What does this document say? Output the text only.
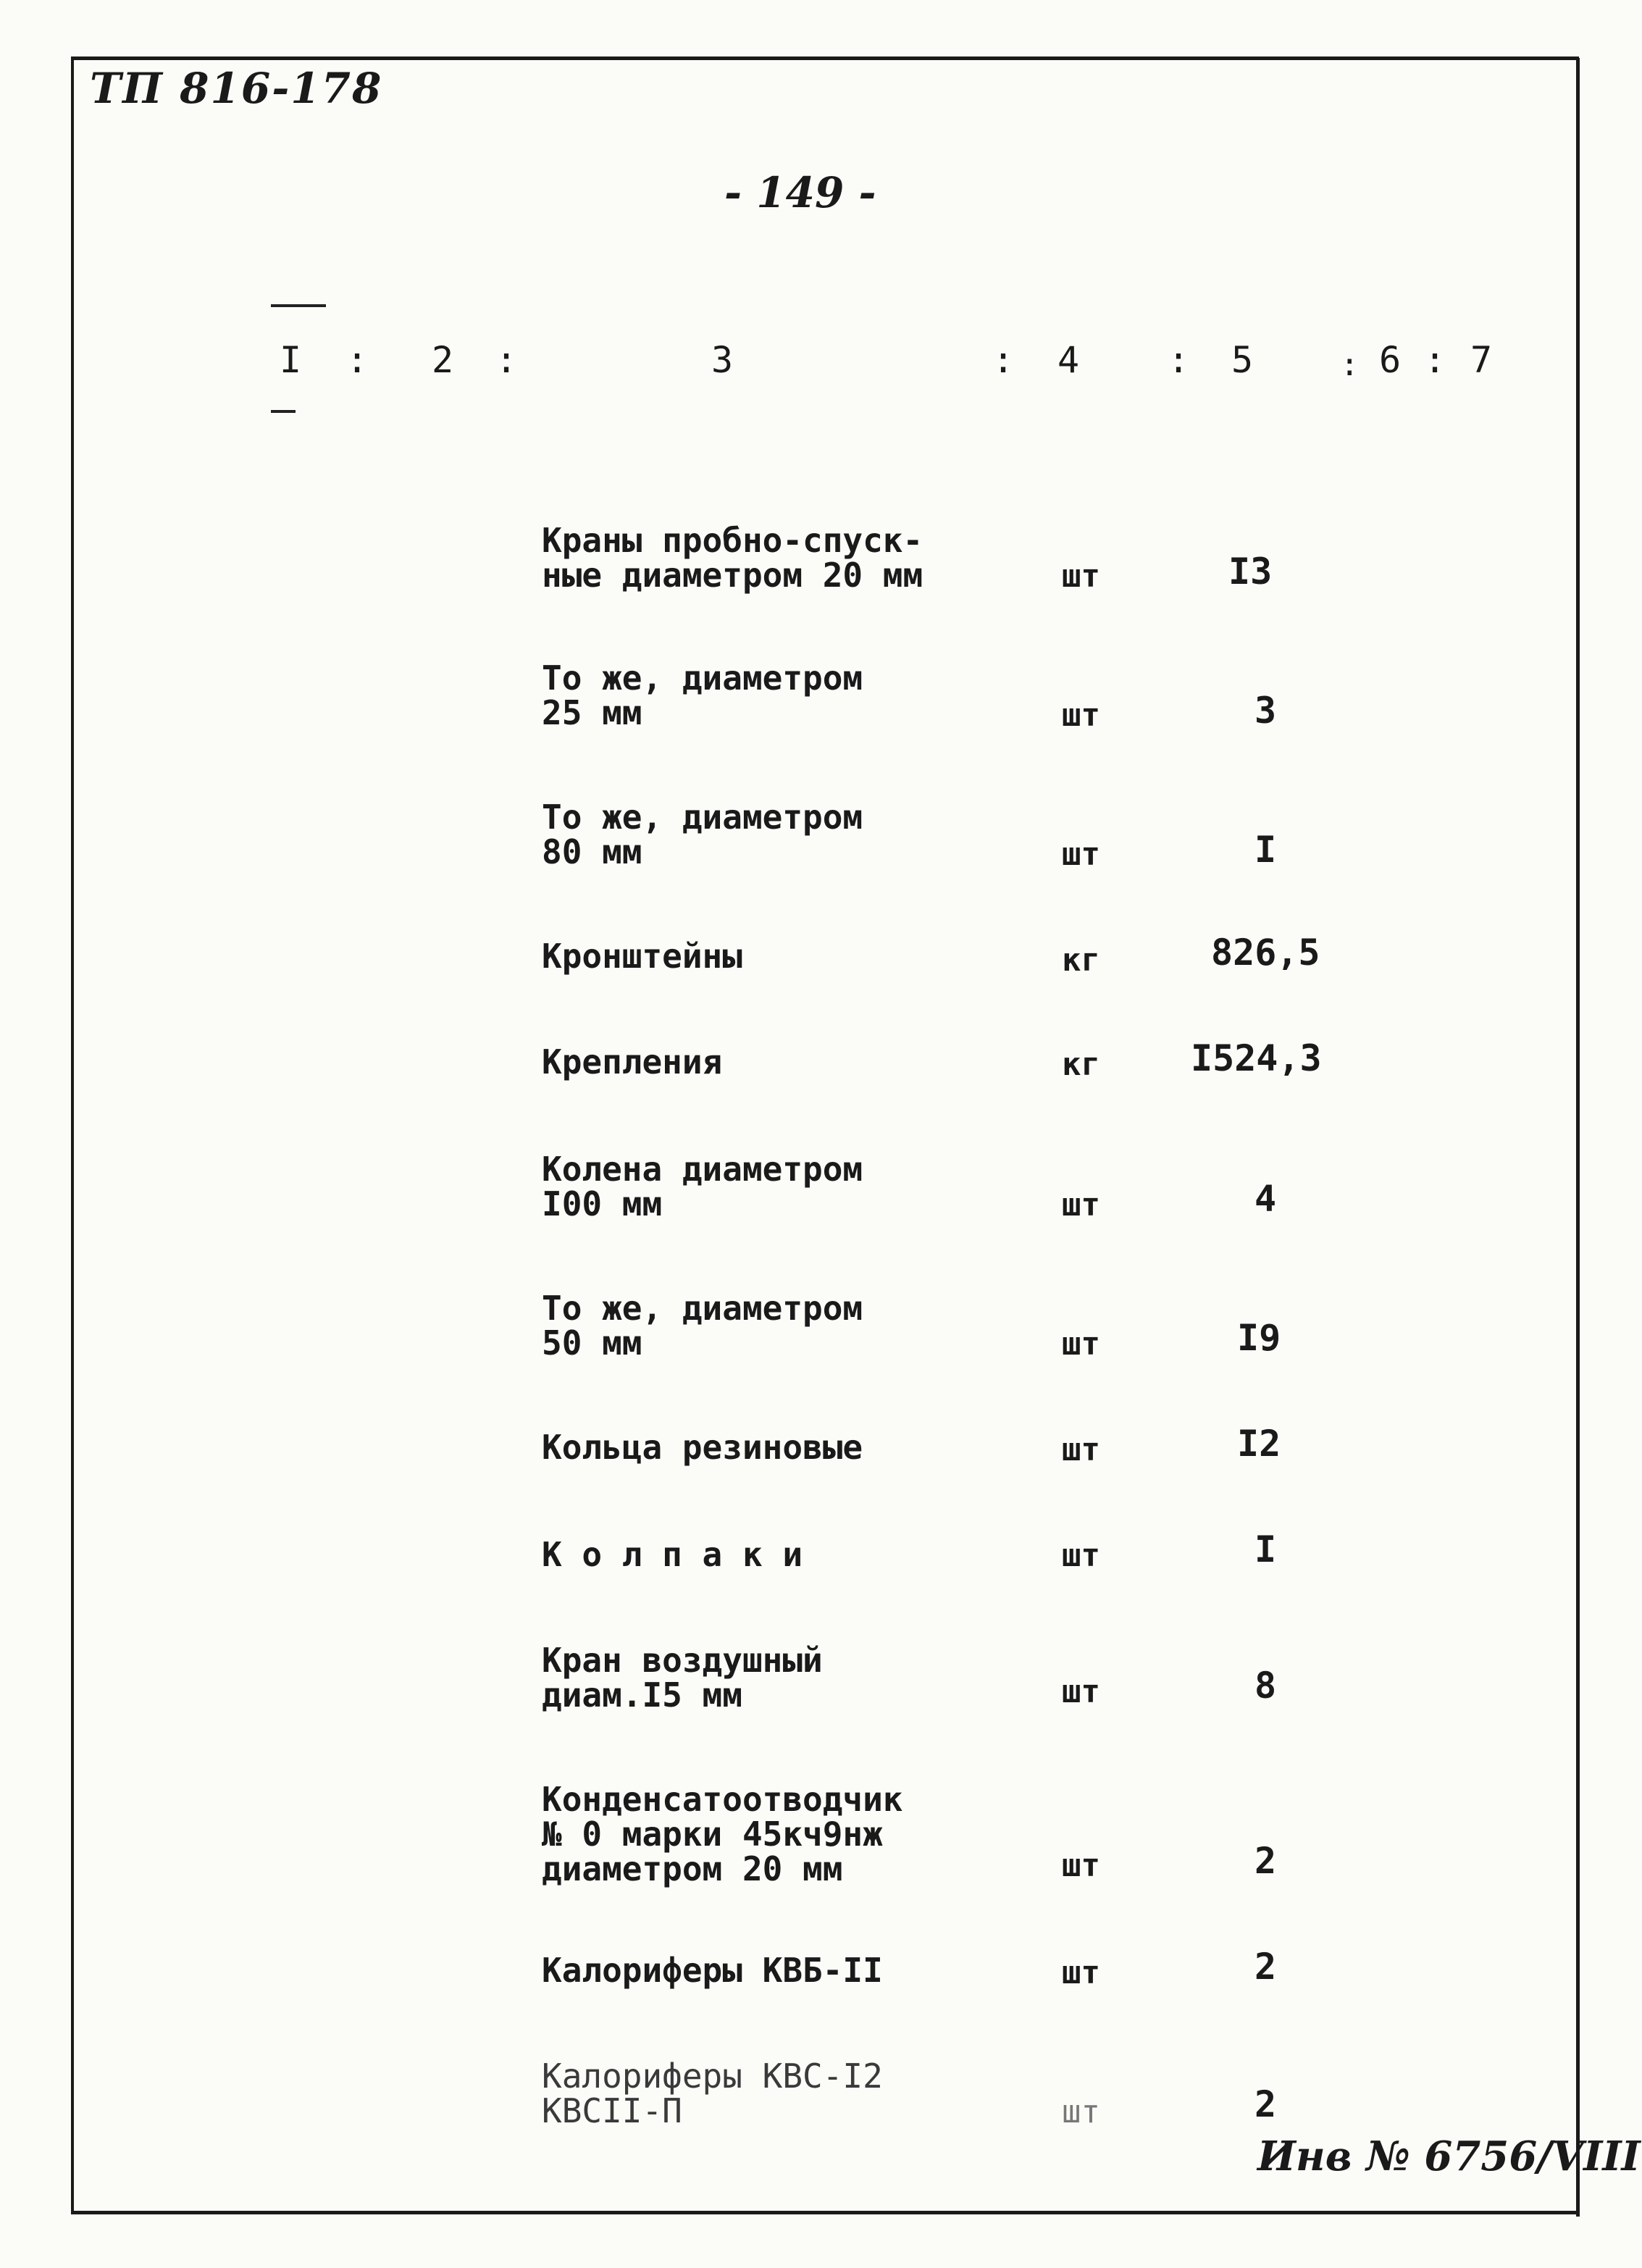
ТП 816-178
- 149 -
I : 2 :	3	: 4 : 5	: 6 : 7
Краны пробно-спуск-
ные диаметром 20 мм	шт	I3
То же, диаметром
25 мм	шт	3
То же, диаметром
80 мм	шт	I
Кронштейны	кг	826,5
Крепления	кг	I524,3
Колена диаметром
I00 мм	шт	4
То же, диаметром
50 мм	шт	I9
Кольца резиновые	шт	I2
К о л п а к и	шт	I
Кран воздушный
диам.I5 мм	шт	8
Конденсатоотводчик
№ 0 марки 45кч9нж
диаметром 20 мм	шт	2
Калориферы КВБ-II	шт	2
Калориферы КВС-I2
КВСII-П	шт	2
Инв № 6756/VIII
